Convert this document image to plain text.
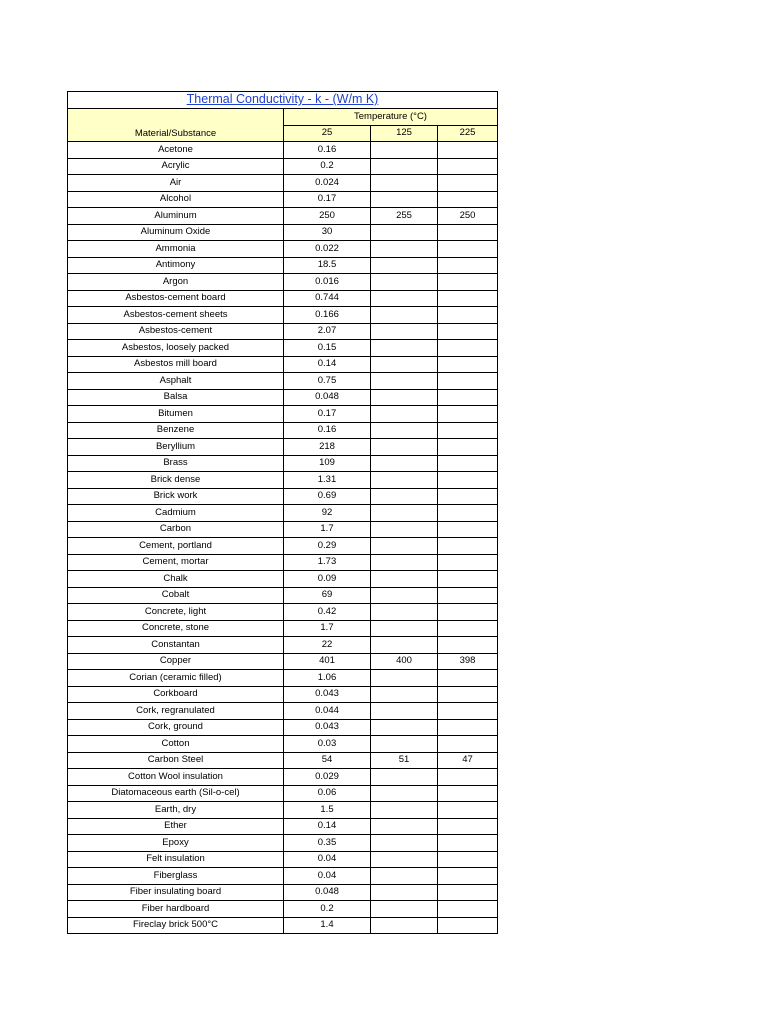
Thermal Conductivity - k - (W/m K)			
Material/Substance	Temperature (°C)		
	25	125	225
Acetone	0.16		
Acrylic	0.2		
Air	0.024		
Alcohol	0.17		
Aluminum	250	255	250
Aluminum Oxide	30		
Ammonia	0.022		
Antimony	18.5		
Argon	0.016		
Asbestos-cement board	0.744		
Asbestos-cement sheets	0.166		
Asbestos-cement	2.07		
Asbestos, loosely packed	0.15		
Asbestos mill board	0.14		
Asphalt	0.75		
Balsa	0.048		
Bitumen	0.17		
Benzene	0.16		
Beryllium	218		
Brass	109		
Brick dense	1.31		
Brick work	0.69		
Cadmium	92		
Carbon	1.7		
Cement, portland	0.29		
Cement, mortar	1.73		
Chalk	0.09		
Cobalt	69		
Concrete, light	0.42		
Concrete, stone	1.7		
Constantan	22		
Copper	401	400	398
Corian (ceramic filled)	1.06		
Corkboard	0.043		
Cork, regranulated	0.044		
Cork, ground	0.043		
Cotton	0.03		
Carbon Steel	54	51	47
Cotton Wool insulation	0.029		
Diatomaceous earth (Sil-o-cel)	0.06		
Earth, dry	1.5		
Ether	0.14		
Epoxy	0.35		
Felt insulation	0.04		
Fiberglass	0.04		
Fiber insulating board	0.048		
Fiber hardboard	0.2		
Fireclay brick 500°C	1.4		
